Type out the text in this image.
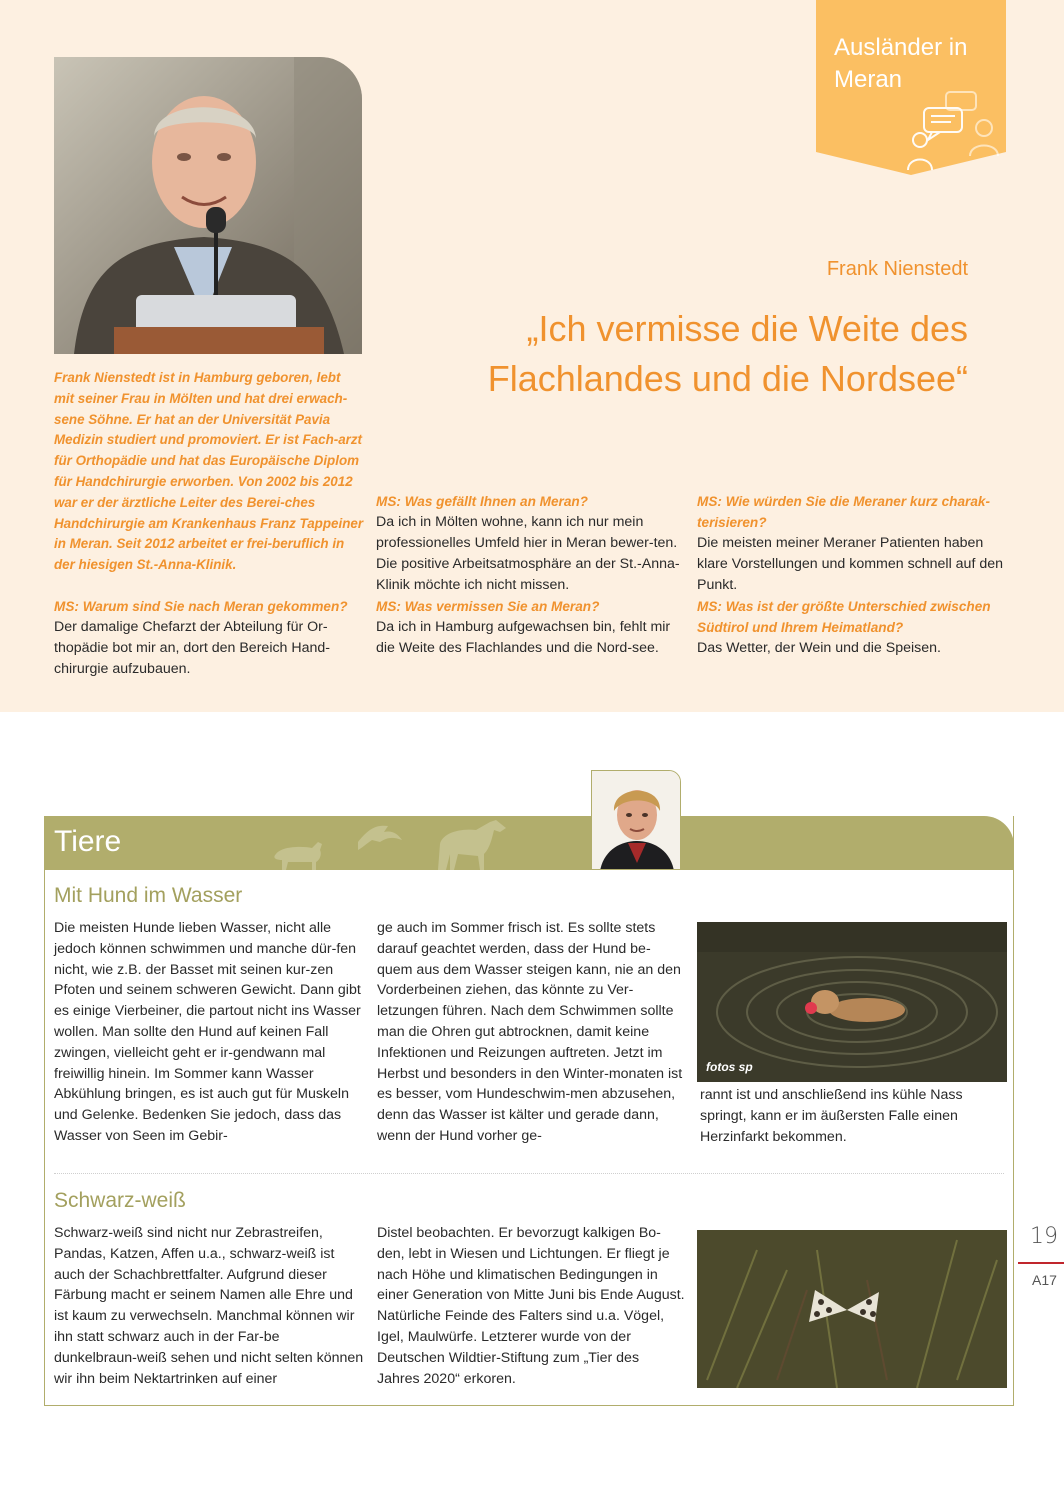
Ausländer in Meran
Frank Nienstedt ist in Hamburg geboren, lebt mit seiner Frau in Mölten und hat drei erwach-sene Söhne. Er hat an der Universität Pavia Medizin studiert und promoviert. Er ist Fach-arzt für Orthopädie und hat das Europäische Diplom für Handchirurgie erworben. Von 2002 bis 2012 war er der ärztliche Leiter des Berei-ches Handchirurgie am Krankenhaus Franz Tappeiner in Meran. Seit 2012 arbeitet er frei-beruflich in der hiesigen St.-Anna-Klinik.
Frank Nienstedt
„Ich vermisse die Weite des Flachlandes und die Nordsee“
MS: Warum sind Sie nach Meran gekommen?
Der damalige Chefarzt der Abteilung für Or-thopädie bot mir an, dort den Bereich Hand-chirurgie aufzubauen.
MS: Was gefällt Ihnen an Meran?
Da ich in Mölten wohne, kann ich nur mein professionelles Umfeld hier in Meran bewer-ten. Die positive Arbeitsatmosphäre an der St.-Anna-Klinik möchte ich nicht missen.
MS: Was vermissen Sie an Meran?
Da ich in Hamburg aufgewachsen bin, fehlt mir die Weite des Flachlandes und die Nord-see.
MS: Wie würden Sie die Meraner kurz charak-terisieren?
Die meisten meiner Meraner Patienten haben klare Vorstellungen und kommen schnell auf den Punkt.
MS: Was ist der größte Unterschied zwischen Südtirol und Ihrem Heimatland?
Das Wetter, der Wein und die Speisen.
Tiere
Mit Hund im Wasser
Die meisten Hunde lieben Wasser, nicht alle jedoch können schwimmen und manche dür-fen nicht, wie z.B. der Basset mit seinen kur-zen Pfoten und seinem schweren Gewicht. Dann gibt es einige Vierbeiner, die partout nicht ins Wasser wollen. Man sollte den Hund auf keinen Fall zwingen, vielleicht geht er ir-gendwann mal freiwillig hinein. Im Sommer kann Wasser Abkühlung bringen, es ist auch gut für Muskeln und Gelenke. Bedenken Sie jedoch, dass das Wasser von Seen im Gebir-
ge auch im Sommer frisch ist. Es sollte stets darauf geachtet werden, dass der Hund be-quem aus dem Wasser steigen kann, nie an den Vorderbeinen ziehen, das könnte zu Ver-letzungen führen. Nach dem Schwimmen sollte man die Ohren gut abtrocknen, damit keine Infektionen und Reizungen auftreten. Jetzt im Herbst und besonders in den Winter-monaten ist es besser, vom Hundeschwim-men abzusehen, denn das Wasser ist kälter und gerade dann, wenn der Hund vorher ge-
fotos sp
rannt ist und anschließend ins kühle Nass springt, kann er im äußersten Falle einen Herzinfarkt bekommen.
Schwarz-weiß
Schwarz-weiß sind nicht nur Zebrastreifen, Pandas, Katzen, Affen u.a., schwarz-weiß ist auch der Schachbrettfalter. Aufgrund dieser Färbung macht er seinem Namen alle Ehre und ist kaum zu verwechseln. Manchmal können wir ihn statt schwarz auch in der Far-be dunkelbraun-weiß sehen und nicht selten können wir ihn beim Nektartrinken auf einer
Distel beobachten. Er bevorzugt kalkigen Bo-den, lebt in Wiesen und Lichtungen. Er fliegt je nach Höhe und klimatischen Bedingungen in einer Generation von Mitte Juni bis Ende August. Natürliche Feinde des Falters sind u.a. Vögel, Igel, Maulwürfe. Letzterer wurde von der Deutschen Wildtier-Stiftung zum „Tier des Jahres 2020“ erkoren.
19
A17
